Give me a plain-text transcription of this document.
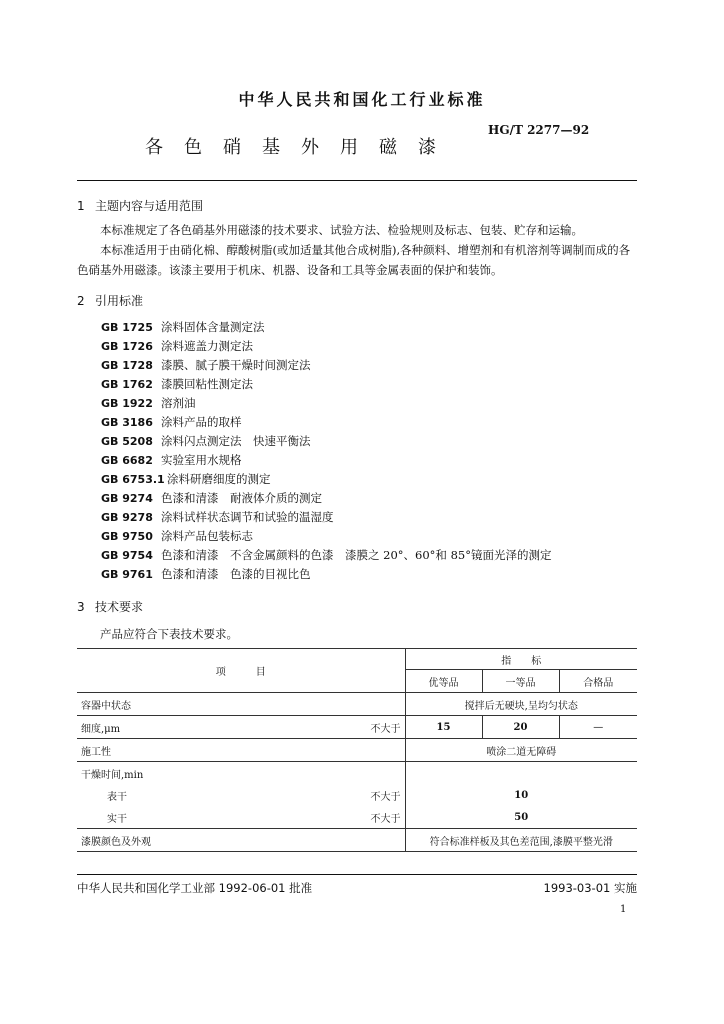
中华人民共和国化工行业标准
HG/T 2277—92
各色硝基外用磁漆
1 主题内容与适用范围
本标准规定了各色硝基外用磁漆的技术要求、试验方法、检验规则及标志、包装、贮存和运输。
本标准适用于由硝化棉、醇酸树脂(或加适量其他合成树脂),各种颜料、增塑剂和有机溶剂等调制而成的各色硝基外用磁漆。该漆主要用于机床、机器、设备和工具等金属表面的保护和装饰。
2 引用标准
GB 1725 涂料固体含量测定法
GB 1726 涂料遮盖力测定法
GB 1728 漆膜、腻子膜干燥时间测定法
GB 1762 漆膜回粘性测定法
GB 1922 溶剂油
GB 3186 涂料产品的取样
GB 5208 涂料闪点测定法　快速平衡法
GB 6682 实验室用水规格
GB 6753.1 涂料研磨细度的测定
GB 9274 色漆和清漆　耐液体介质的测定
GB 9278 涂料试样状态调节和试验的温湿度
GB 9750 涂料产品包装标志
GB 9754 色漆和清漆　不含金属颜料的色漆　漆膜之 20°、60°和 85°镜面光泽的测定
GB 9761 色漆和清漆　色漆的目视比色
3 技术要求
产品应符合下表技术要求。
项　　　目	指　　标		
	优等品	一等品	合格品
容器中状态	搅拌后无硬块,呈均匀状态		
细度,μm 不大于	15	20	—
施工性	喷涂二道无障碍		
干燥时间,min			
表干 不大于	10		
实干 不大于	50		
漆膜颜色及外观	符合标准样板及其色差范围,漆膜平整光滑		
中华人民共和国化学工业部 1992-06-01 批准	1993-03-01 实施
1
